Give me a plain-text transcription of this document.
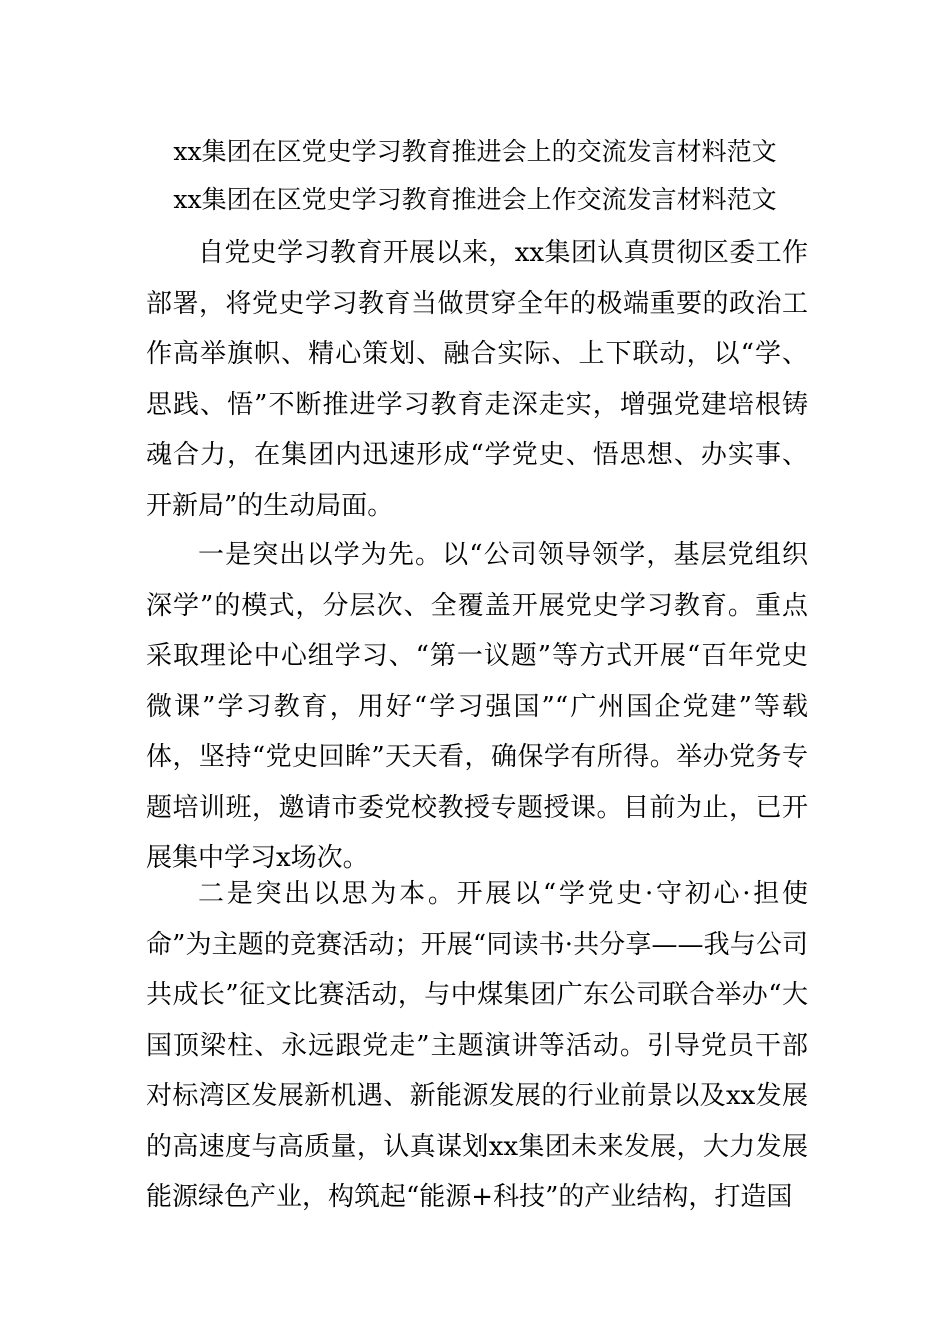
xx集团在区党史学习教育推进会上的交流发言材料范文
xx集团在区党史学习教育推进会上作交流发言材料范文

自党史学习教育开展以来，xx集团认真贯彻区委工作部署，将党史学习教育当做贯穿全年的极端重要的政治工作高举旗帜、精心策划、融合实际、上下联动，以“学、思践、悟”不断推进学习教育走深走实，增强党建培根铸魂合力，在集团内迅速形成“学党史、悟思想、办实事、开新局”的生动局面。

一是突出以学为先。以“公司领导领学，基层党组织深学”的模式，分层次、全覆盖开展党史学习教育。重点采取理论中心组学习、“第一议题”等方式开展“百年党史微课”学习教育，用好“学习强国”“广州国企党建”等载体，坚持“党史回眸”天天看，确保学有所得。举办党务专题培训班，邀请市委党校教授专题授课。目前为止，已开展集中学习x场次。

二是突出以思为本。开展以“学党史·守初心·担使命”为主题的竞赛活动；开展“同读书·共分享——我与公司共成长”征文比赛活动，与中煤集团广东公司联合举办“大国顶梁柱、永远跟党走”主题演讲等活动。引导党员干部对标湾区发展新机遇、新能源发展的行业前景以及xx发展的高速度与高质量，认真谋划xx集团未来发展，大力发展能源绿色产业，构筑起“能源+科技”的产业结构，打造国
